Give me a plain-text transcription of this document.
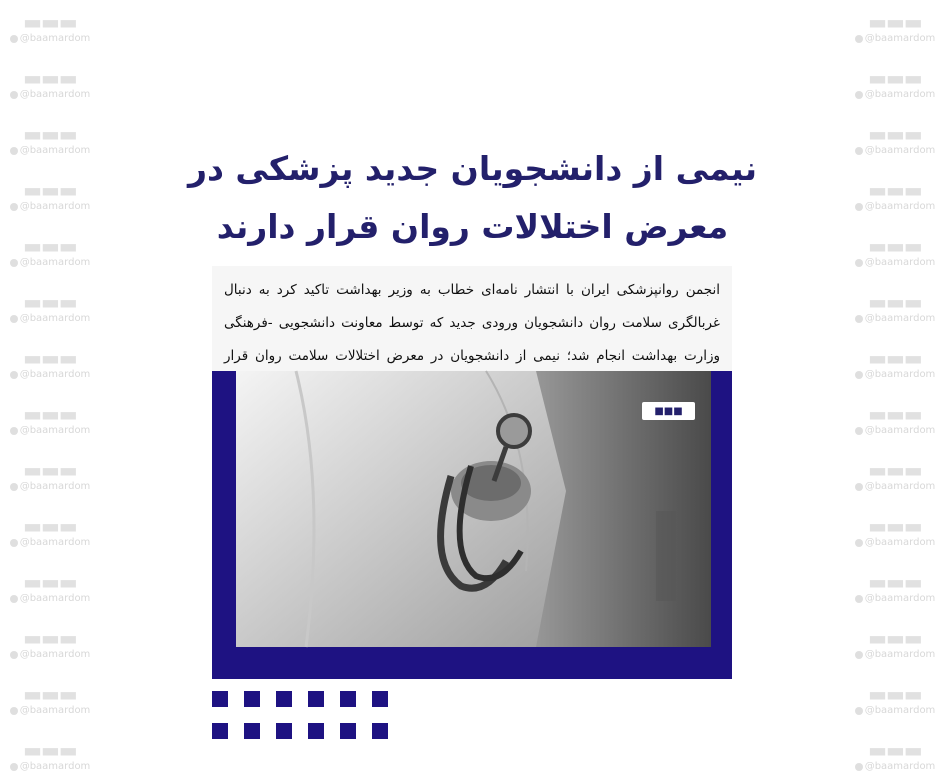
▬▬▬
@baamardom
▬▬▬
@baamardom
▬▬▬
@baamardom
▬▬▬
@baamardom
▬▬▬
@baamardom
▬▬▬
@baamardom
▬▬▬
@baamardom
▬▬▬
@baamardom
▬▬▬
@baamardom
▬▬▬
@baamardom
▬▬▬
@baamardom
▬▬▬
@baamardom
▬▬▬
@baamardom
▬▬▬
@baamardom
▬▬▬
@baamardom
▬▬▬
@baamardom
▬▬▬
@baamardom
▬▬▬
@baamardom
▬▬▬
@baamardom
▬▬▬
@baamardom
▬▬▬
@baamardom
▬▬▬
@baamardom
▬▬▬
@baamardom
▬▬▬
@baamardom
▬▬▬
@baamardom
▬▬▬
@baamardom
▬▬▬
@baamardom
▬▬▬
@baamardom
نیمی از دانشجویان جدید پزشکی در
معرض اختلالات روان قرار دارند
انجمن روانپزشکی ایران با انتشار نامه‌ای خطاب به وزیر بهداشت تاکید کرد به دنبال غربالگری سلامت روان دانشجویان ورودی جدید که توسط معاونت دانشجویی -فرهنگی وزارت بهداشت انجام شد؛ نیمی از دانشجویان در معرض اختلالات سلامت روان قرار
■■■
